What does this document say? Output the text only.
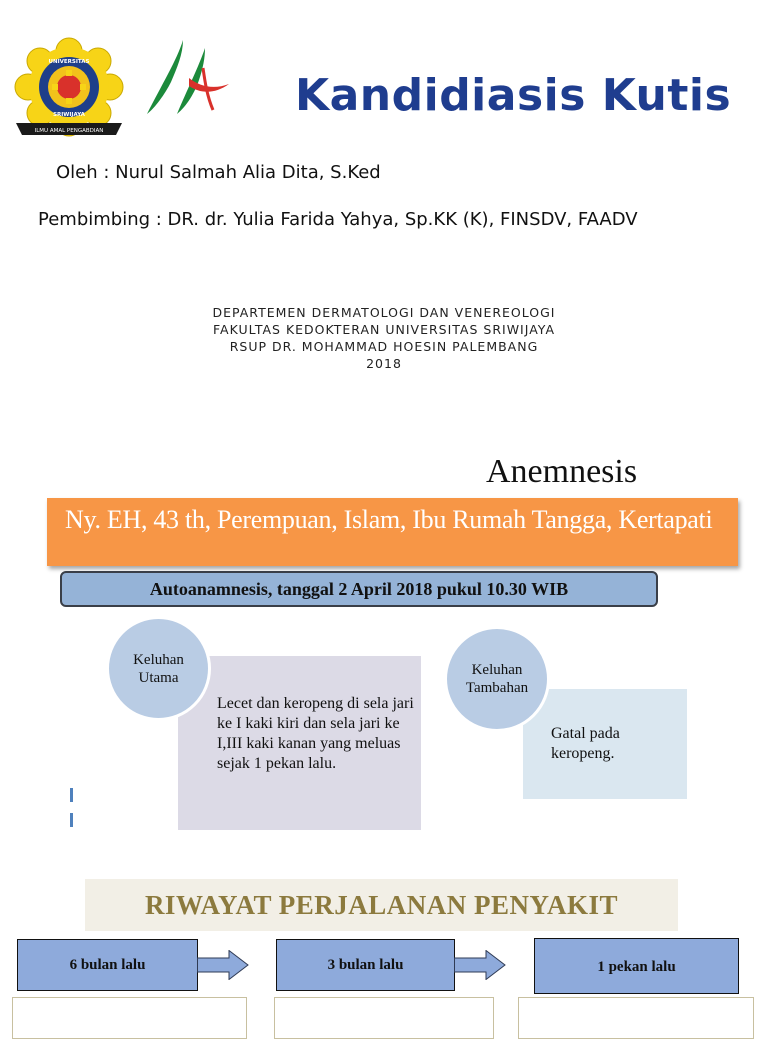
UNIVERSITAS
SRIWIJAYA
ILMU AMAL PENGABDIAN
Kandidiasis Kutis
Oleh : Nurul Salmah Alia Dita, S.Ked
Pembimbing : DR. dr. Yulia Farida Yahya, Sp.KK (K), FINSDV, FAADV
DEPARTEMEN DERMATOLOGI DAN VENEREOLOGI
FAKULTAS KEDOKTERAN UNIVERSITAS SRIWIJAYA
RSUP DR. MOHAMMAD HOESIN PALEMBANG
2018
Anemnesis
Ny. EH, 43 th, Perempuan, Islam, Ibu Rumah Tangga, Kertapati
Autoanamnesis, tanggal 2 April 2018 pukul 10.30 WIB
Lecet dan keropeng di sela jari ke I kaki kiri dan sela jari ke I,III kaki kanan yang meluas sejak 1 pekan lalu.
Keluhan Utama
Gatal pada keropeng.
Keluhan Tambahan
RIWAYAT PERJALANAN PENYAKIT
6 bulan lalu	3 bulan lalu	1 pekan lalu
